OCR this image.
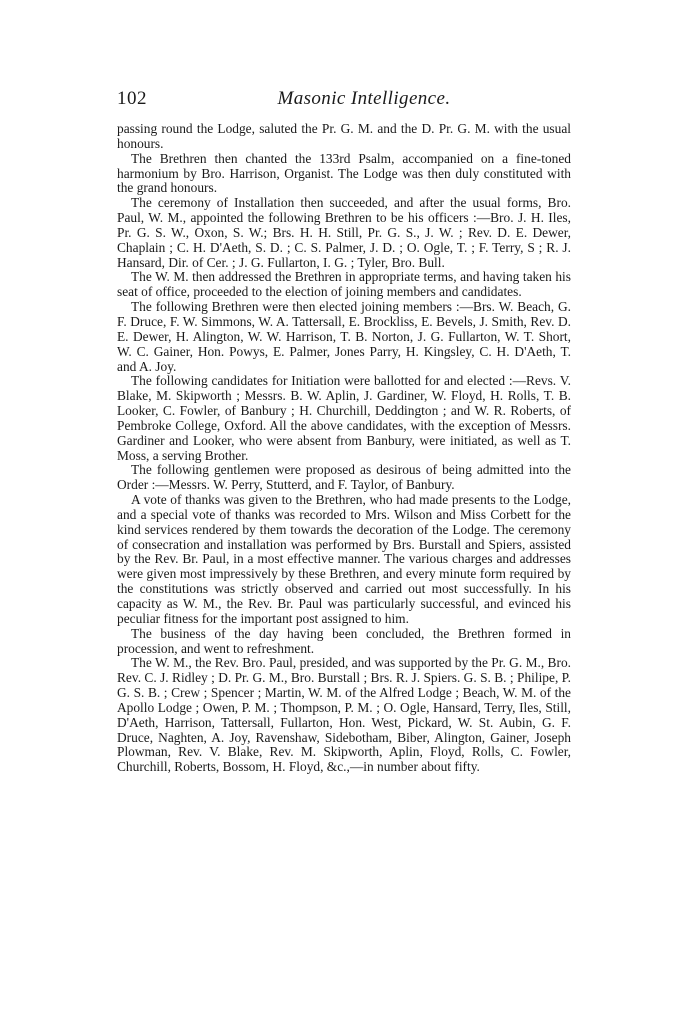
102	Masonic Intelligence.

passing round the Lodge, saluted the Pr. G. M. and the D. Pr. G. M. with the usual honours.

The Brethren then chanted the 133rd Psalm, accompanied on a fine-toned harmonium by Bro. Harrison, Organist. The Lodge was then duly constituted with the grand honours.

The ceremony of Installation then succeeded, and after the usual forms, Bro. Paul, W. M., appointed the following Brethren to be his officers :—Bro. J. H. Iles, Pr. G. S. W., Oxon, S. W.; Brs. H. H. Still, Pr. G. S., J. W. ; Rev. D. E. Dewer, Chaplain ; C. H. D'Aeth, S. D. ; C. S. Palmer, J. D. ; O. Ogle, T. ; F. Terry, S ; R. J. Hansard, Dir. of Cer. ; J. G. Fullarton, I. G. ; Tyler, Bro. Bull.

The W. M. then addressed the Brethren in appropriate terms, and having taken his seat of office, proceeded to the election of joining members and candidates.

The following Brethren were then elected joining members :—Brs. W. Beach, G. F. Druce, F. W. Simmons, W. A. Tattersall, E. Brockliss, E. Bevels, J. Smith, Rev. D. E. Dewer, H. Alington, W. W. Harrison, T. B. Norton, J. G. Fullarton, W. T. Short, W. C. Gainer, Hon. Powys, E. Palmer, Jones Parry, H. Kingsley, C. H. D'Aeth, T. and A. Joy.

The following candidates for Initiation were ballotted for and elected :—Revs. V. Blake, M. Skipworth ; Messrs. B. W. Aplin, J. Gardiner, W. Floyd, H. Rolls, T. B. Looker, C. Fowler, of Banbury ; H. Churchill, Deddington ; and W. R. Roberts, of Pembroke College, Oxford. All the above candidates, with the exception of Messrs. Gardiner and Looker, who were absent from Banbury, were initiated, as well as T. Moss, a serving Brother.

The following gentlemen were proposed as desirous of being admitted into the Order :—Messrs. W. Perry, Stutterd, and F. Taylor, of Banbury.

A vote of thanks was given to the Brethren, who had made presents to the Lodge, and a special vote of thanks was recorded to Mrs. Wilson and Miss Corbett for the kind services rendered by them towards the decoration of the Lodge. The ceremony of consecration and installation was performed by Brs. Burstall and Spiers, assisted by the Rev. Br. Paul, in a most effective manner. The various charges and addresses were given most impressively by these Brethren, and every minute form required by the constitutions was strictly observed and carried out most successfully. In his capacity as W. M., the Rev. Br. Paul was particularly successful, and evinced his peculiar fitness for the important post assigned to him.

The business of the day having been concluded, the Brethren formed in procession, and went to refreshment.

The W. M., the Rev. Bro. Paul, presided, and was supported by the Pr. G. M., Bro. Rev. C. J. Ridley ; D. Pr. G. M., Bro. Burstall ; Brs. R. J. Spiers. G. S. B. ; Philipe, P. G. S. B. ; Crew ; Spencer ; Martin, W. M. of the Alfred Lodge ; Beach, W. M. of the Apollo Lodge ; Owen, P. M. ; Thompson, P. M. ; O. Ogle, Hansard, Terry, Iles, Still, D'Aeth, Harrison, Tattersall, Fullarton, Hon. West, Pickard, W. St. Aubin, G. F. Druce, Naghten, A. Joy, Ravenshaw, Sidebotham, Biber, Alington, Gainer, Joseph Plowman, Rev. V. Blake, Rev. M. Skipworth, Aplin, Floyd, Rolls, C. Fowler, Churchill, Roberts, Bossom, H. Floyd, &c.,—in number about fifty.
